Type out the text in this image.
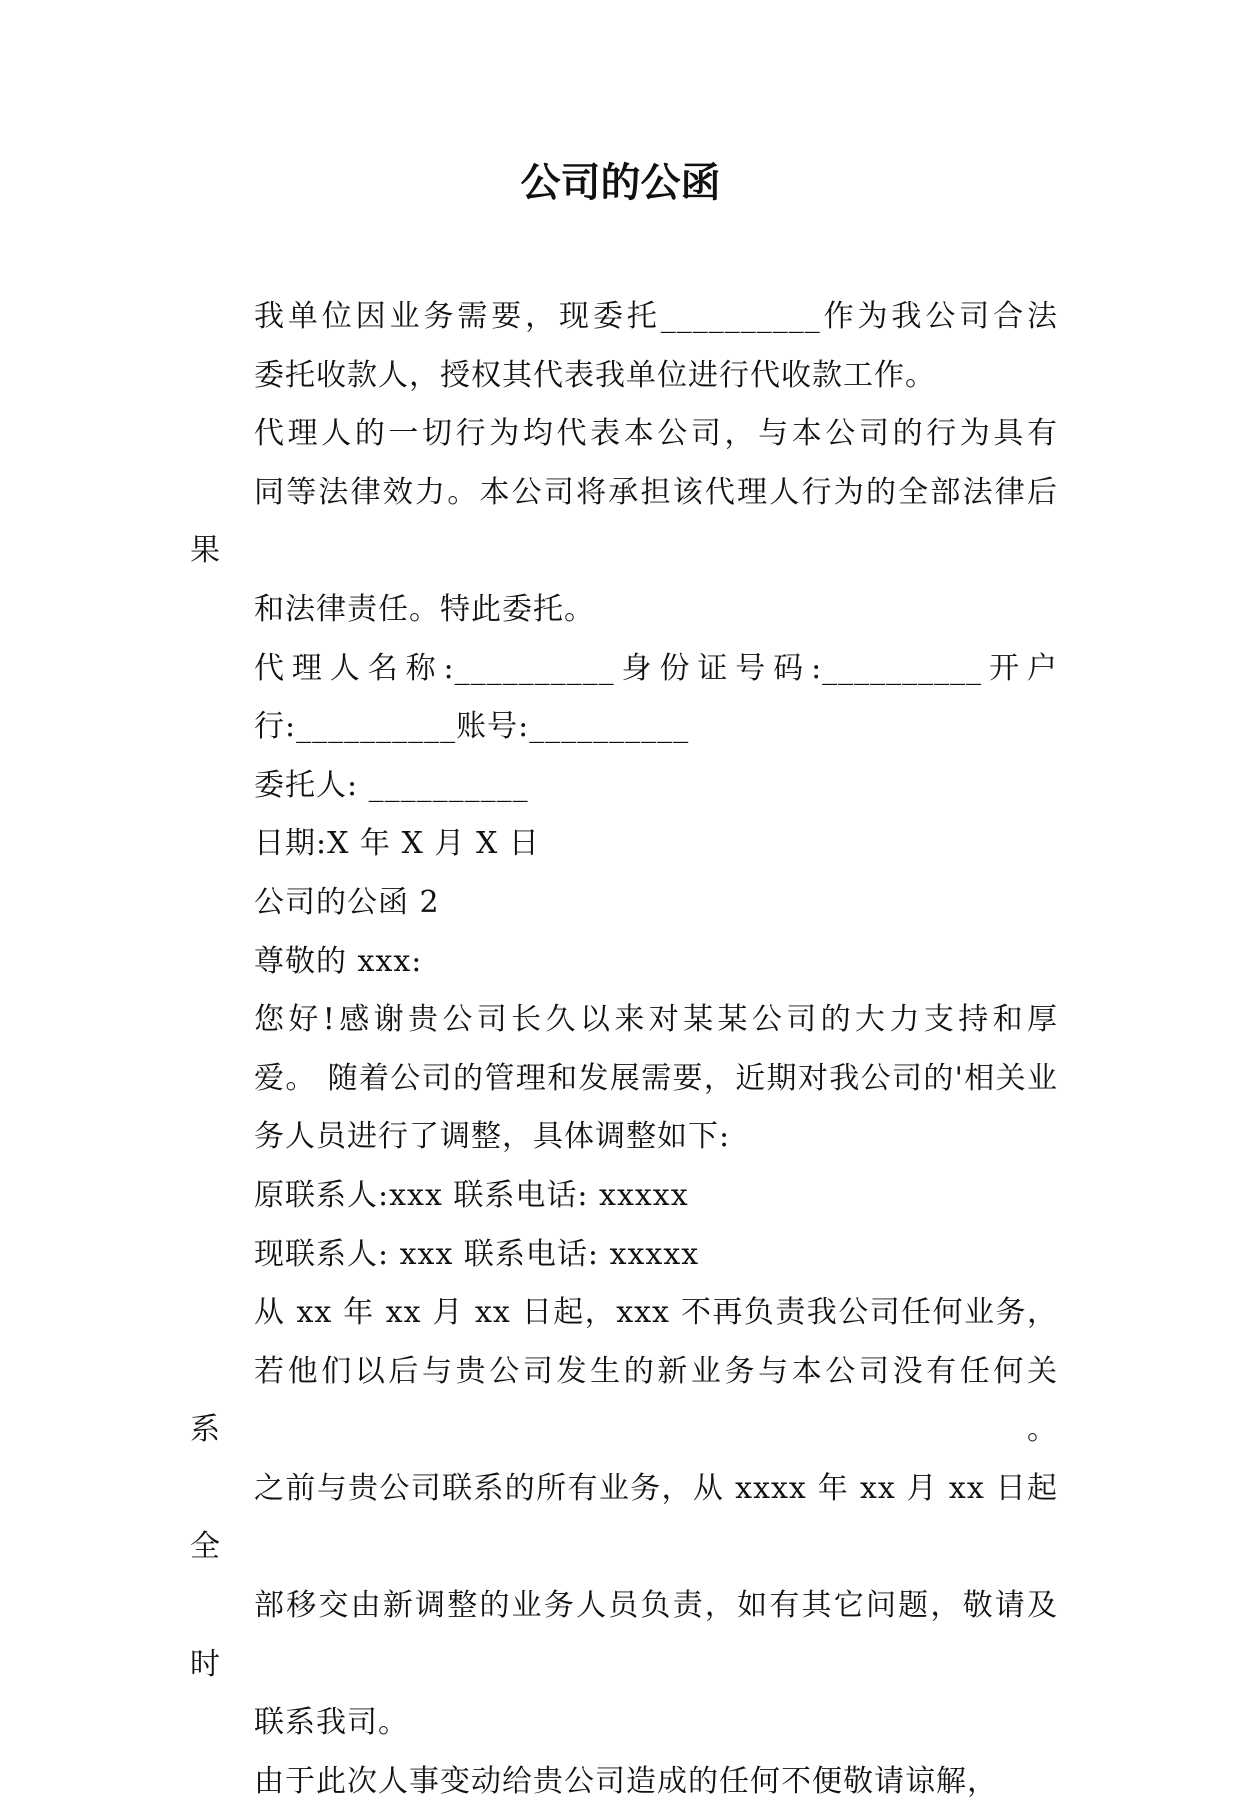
公司的公函

我单位因业务需要，现委托__________作为我公司合法
委托收款人，授权其代表我单位进行代收款工作。

代理人的一切行为均代表本公司，与本公司的行为具有
同等法律效力。本公司将承担该代理人行为的全部法律后果
和法律责任。特此委托。

代理人名称:__________身份证号码:__________开户
行:__________账号:__________

委托人: __________

日期:X 年 X 月 X 日

公司的公函 2

尊敬的 xxx:

您好!感谢贵公司长久以来对某某公司的大力支持和厚
爱。 随着公司的管理和发展需要，近期对我公司的'相关业
务人员进行了调整，具体调整如下:

原联系人:xxx 联系电话: xxxxx

现联系人: xxx 联系电话: xxxxx

从 xx 年 xx 月 xx 日起，xxx 不再负责我公司任何业务，
若他们以后与贵公司发生的新业务与本公司没有任何关系。
之前与贵公司联系的所有业务，从 xxxx 年 xx 月 xx 日起全
部移交由新调整的业务人员负责，如有其它问题，敬请及时
联系我司。

由于此次人事变动给贵公司造成的任何不便敬请谅解，
